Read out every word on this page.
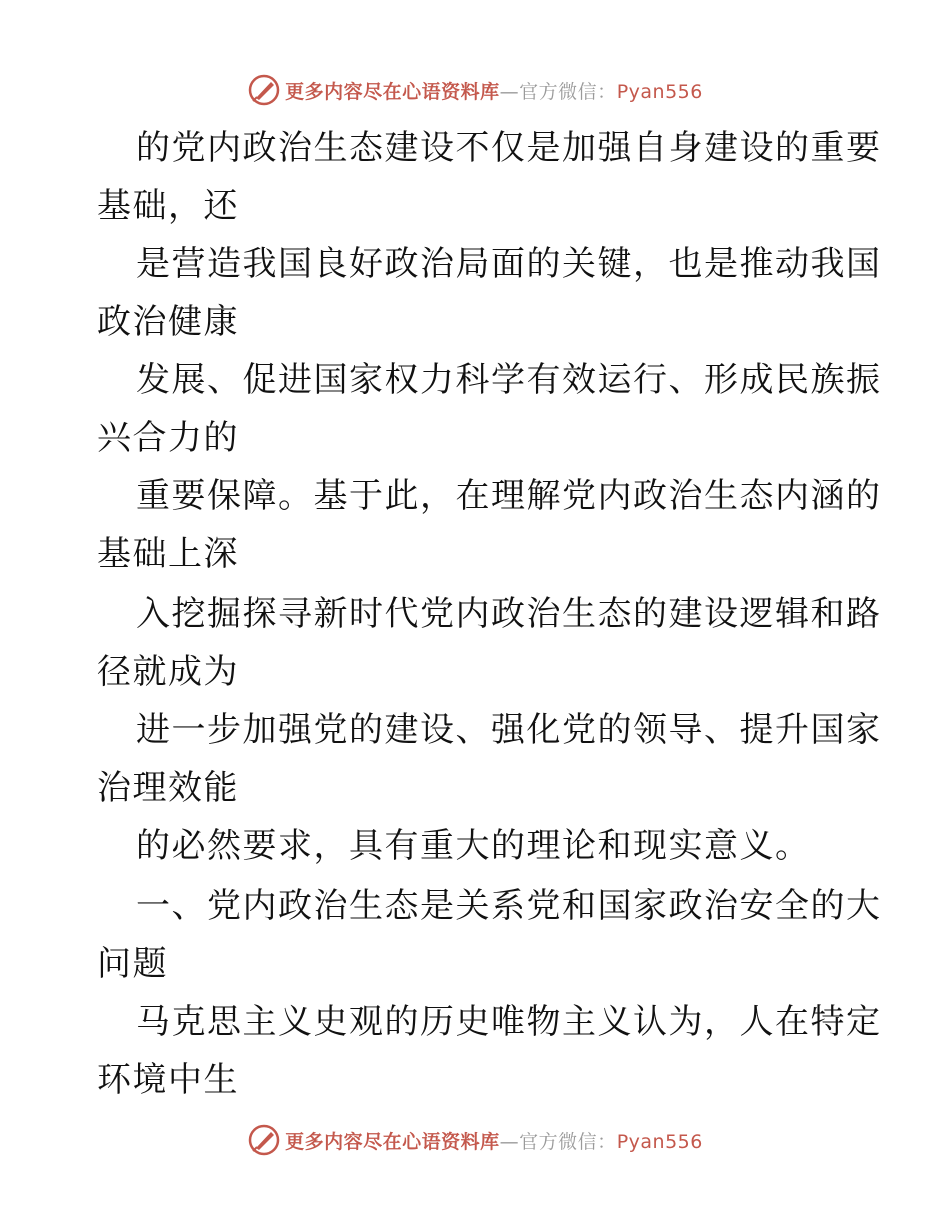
更多内容尽在心语资料库—官方微信：Pyan556
的党内政治生态建设不仅是加强自身建设的重要
基础，还
是营造我国良好政治局面的关键，也是推动我国
政治健康
发展、促进国家权力科学有效运行、形成民族振
兴合力的
重要保障。基于此，在理解党内政治生态内涵的
基础上深
入挖掘探寻新时代党内政治生态的建设逻辑和路
径就成为
进一步加强党的建设、强化党的领导、提升国家
治理效能
的必然要求，具有重大的理论和现实意义。
一、党内政治生态是关系党和国家政治安全的大
问题
马克思主义史观的历史唯物主义认为，人在特定
环境中生
更多内容尽在心语资料库—官方微信：Pyan556
